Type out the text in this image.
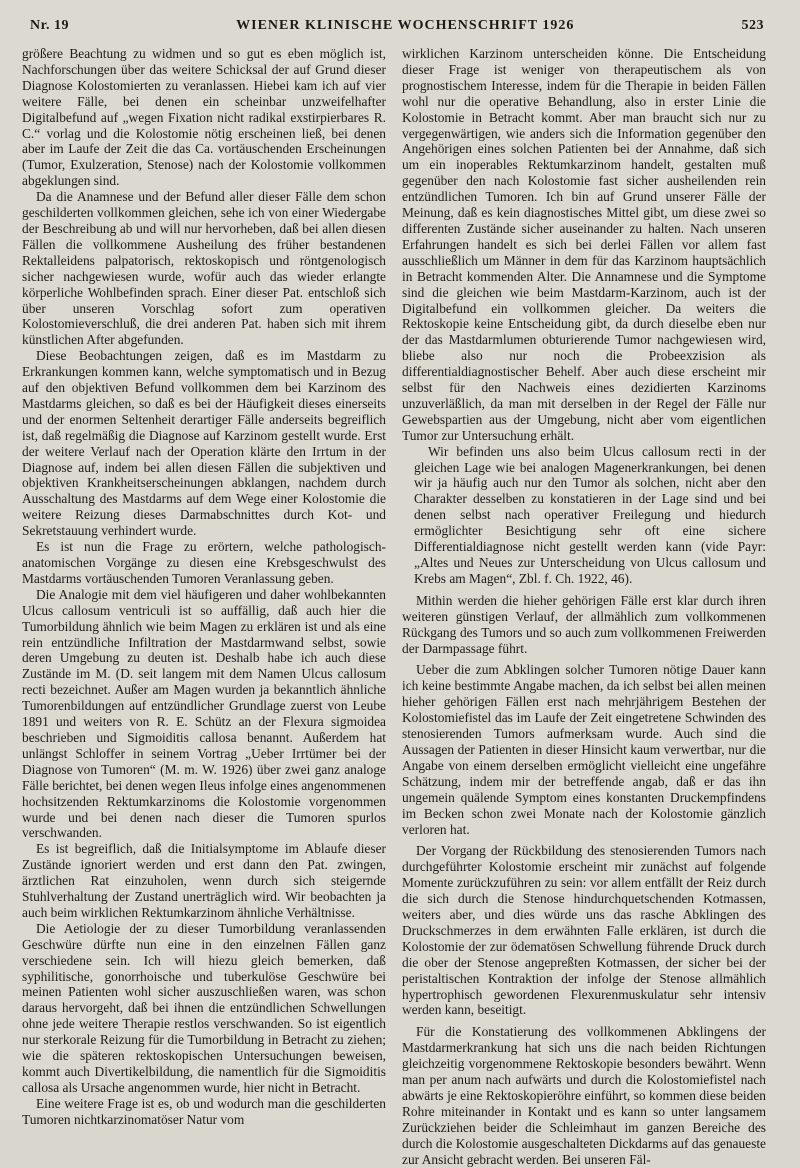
Nr. 19	WIENER KLINISCHE WOCHENSCHRIFT 1926	523

größere Beachtung zu widmen und so gut es eben möglich ist, Nachforschungen über das weitere Schicksal der auf Grund dieser Diagnose Kolostomierten zu veranlassen. Hiebei kam ich auf vier weitere Fälle, bei denen ein scheinbar unzweifelhafter Digitalbefund auf „wegen Fixation nicht radikal exstirpierbares R. C.“ vorlag und die Kolostomie nötig erscheinen ließ, bei denen aber im Laufe der Zeit die das Ca. vortäuschenden Erscheinungen (Tumor, Exulzeration, Stenose) nach der Kolostomie vollkommen abgeklungen sind.

Da die Anamnese und der Befund aller dieser Fälle dem schon geschilderten vollkommen gleichen, sehe ich von einer Wiedergabe der Beschreibung ab und will nur hervorheben, daß bei allen diesen Fällen die vollkommene Ausheilung des früher bestandenen Rektalleidens palpatorisch, rektoskopisch und röntgenologisch sicher nachgewiesen wurde, wofür auch das wieder erlangte körperliche Wohlbefinden sprach. Einer dieser Pat. entschloß sich über unseren Vorschlag sofort zum operativen Kolostomieverschluß, die drei anderen Pat. haben sich mit ihrem künstlichen After abgefunden.

Diese Beobachtungen zeigen, daß es im Mastdarm zu Erkrankungen kommen kann, welche symptomatisch und in Bezug auf den objektiven Befund vollkommen dem bei Karzinom des Mastdarms gleichen, so daß es bei der Häufigkeit dieses einerseits und der enormen Seltenheit derartiger Fälle anderseits begreiflich ist, daß regelmäßig die Diagnose auf Karzinom gestellt wurde. Erst der weitere Verlauf nach der Operation klärte den Irrtum in der Diagnose auf, indem bei allen diesen Fällen die subjektiven und objektiven Krankheitserscheinungen abklangen, nachdem durch Ausschaltung des Mastdarms auf dem Wege einer Kolostomie die weitere Reizung dieses Darmabschnittes durch Kot- und Sekretstauung verhindert wurde.

Es ist nun die Frage zu erörtern, welche pathologisch-anatomischen Vorgänge zu diesen eine Krebsgeschwulst des Mastdarms vortäuschenden Tumoren Veranlassung geben.

Die Analogie mit dem viel häufigeren und daher wohlbekannten Ulcus callosum ventriculi ist so auffällig, daß auch hier die Tumorbildung ähnlich wie beim Magen zu erklären ist und als eine rein entzündliche Infiltration der Mastdarmwand selbst, sowie deren Umgebung zu deuten ist. Deshalb habe ich auch diese Zustände im M. (D. seit langem mit dem Namen Ulcus callosum recti bezeichnet. Außer am Magen wurden ja bekanntlich ähnliche Tumorenbildungen auf entzündlicher Grundlage zuerst von Leube 1891 und weiters von R. E. Schütz an der Flexura sigmoidea beschrieben und Sigmoiditis callosa benannt. Außerdem hat unlängst Schloffer in seinem Vortrag „Ueber Irrtümer bei der Diagnose von Tumoren“ (M. m. W. 1926) über zwei ganz analoge Fälle berichtet, bei denen wegen Ileus infolge eines angenommenen hochsitzenden Rektumkarzinoms die Kolostomie vorgenommen wurde und bei denen nach dieser die Tumoren spurlos verschwanden.

Es ist begreiflich, daß die Initialsymptome im Ablaufe dieser Zustände ignoriert werden und erst dann den Pat. zwingen, ärztlichen Rat einzuholen, wenn durch sich steigernde Stuhlverhaltung der Zustand unerträglich wird. Wir beobachten ja auch beim wirklichen Rektumkarzinom ähnliche Verhältnisse.

Die Aetiologie der zu dieser Tumorbildung veranlassenden Geschwüre dürfte nun eine in den einzelnen Fällen ganz verschiedene sein. Ich will hiezu gleich bemerken, daß syphilitische, gonorrhoische und tuberkulöse Geschwüre bei meinen Patienten wohl sicher auszuschließen waren, was schon daraus hervorgeht, daß bei ihnen die entzündlichen Schwellungen ohne jede weitere Therapie restlos verschwanden. So ist eigentlich nur sterkorale Reizung für die Tumorbildung in Betracht zu ziehen; wie die späteren rektoskopischen Untersuchungen beweisen, kommt auch Divertikelbildung, die namentlich für die Sigmoiditis callosa als Ursache angenommen wurde, hier nicht in Betracht.

Eine weitere Frage ist es, ob und wodurch man die geschilderten Tumoren nichtkarzinomatöser Natur vom

wirklichen Karzinom unterscheiden könne. Die Entscheidung dieser Frage ist weniger von therapeutischem als von prognostischem Interesse, indem für die Therapie in beiden Fällen wohl nur die operative Behandlung, also in erster Linie die Kolostomie in Betracht kommt. Aber man braucht sich nur zu vergegenwärtigen, wie anders sich die Information gegenüber den Angehörigen eines solchen Patienten bei der Annahme, daß sich um ein inoperables Rektumkarzinom handelt, gestalten muß gegenüber den nach Kolostomie fast sicher ausheilenden rein entzündlichen Tumoren. Ich bin auf Grund unserer Fälle der Meinung, daß es kein diagnostisches Mittel gibt, um diese zwei so differenten Zustände sicher auseinander zu halten. Nach unseren Erfahrungen handelt es sich bei derlei Fällen vor allem fast ausschließlich um Männer in dem für das Karzinom hauptsächlich in Betracht kommenden Alter. Die Annamnese und die Symptome sind die gleichen wie beim Mastdarm-Karzinom, auch ist der Digitalbefund ein vollkommen gleicher. Da weiters die Rektoskopie keine Entscheidung gibt, da durch dieselbe eben nur der das Mastdarmlumen obturierende Tumor nachgewiesen wird, bliebe also nur noch die Probeexzision als differentialdiagnostischer Behelf. Aber auch diese erscheint mir selbst für den Nachweis eines dezidierten Karzinoms unzuverläßlich, da man mit derselben in der Regel der Fälle nur Gewebspartien aus der Umgebung, nicht aber vom eigentlichen Tumor zur Untersuchung erhält.

Wir befinden uns also beim Ulcus callosum recti in der gleichen Lage wie bei analogen Magenerkrankungen, bei denen wir ja häufig auch nur den Tumor als solchen, nicht aber den Charakter desselben zu konstatieren in der Lage sind und bei denen selbst nach operativer Freilegung und hiedurch ermöglichter Besichtigung sehr oft eine sichere Differentialdiagnose nicht gestellt werden kann (vide Payr: „Altes und Neues zur Unterscheidung von Ulcus callosum und Krebs am Magen“, Zbl. f. Ch. 1922, 46).

Mithin werden die hieher gehörigen Fälle erst klar durch ihren weiteren günstigen Verlauf, der allmählich zum vollkommenen Rückgang des Tumors und so auch zum vollkommenen Freiwerden der Darmpassage führt.

Ueber die zum Abklingen solcher Tumoren nötige Dauer kann ich keine bestimmte Angabe machen, da ich selbst bei allen meinen hieher gehörigen Fällen erst nach mehrjährigem Bestehen der Kolostomiefistel das im Laufe der Zeit eingetretene Schwinden des stenosierenden Tumors aufmerksam wurde. Auch sind die Aussagen der Patienten in dieser Hinsicht kaum verwertbar, nur die Angabe von einem derselben ermöglicht vielleicht eine ungefähre Schätzung, indem mir der betreffende angab, daß er das ihn ungemein quälende Symptom eines konstanten Druckempfindens im Becken schon zwei Monate nach der Kolostomie gänzlich verloren hat.

Der Vorgang der Rückbildung des stenosierenden Tumors nach durchgeführter Kolostomie erscheint mir zunächst auf folgende Momente zurückzuführen zu sein: vor allem entfällt der Reiz durch die sich durch die Stenose hindurchquetschenden Kotmassen, weiters aber, und dies würde uns das rasche Abklingen des Druckschmerzes in dem erwähnten Falle erklären, ist durch die Kolostomie der zur ödematösen Schwellung führende Druck durch die ober der Stenose angepreßten Kotmassen, der sicher bei der peristaltischen Kontraktion der infolge der Stenose allmählich hypertrophisch gewordenen Flexurenmuskulatur sehr intensiv werden kann, beseitigt.

Für die Konstatierung des vollkommenen Abklingens der Mastdarmerkrankung hat sich uns die nach beiden Richtungen gleichzeitig vorgenommene Rektoskopie besonders bewährt. Wenn man per anum nach aufwärts und durch die Kolostomiefistel nach abwärts je eine Rektoskopieröhre einführt, so kommen diese beiden Rohre miteinander in Kontakt und es kann so unter langsamem Zurückziehen beider die Schleimhaut im ganzen Bereiche des durch die Kolostomie ausgeschalteten Dickdarms auf das genaueste zur Ansicht gebracht werden. Bei unseren Fäl-
